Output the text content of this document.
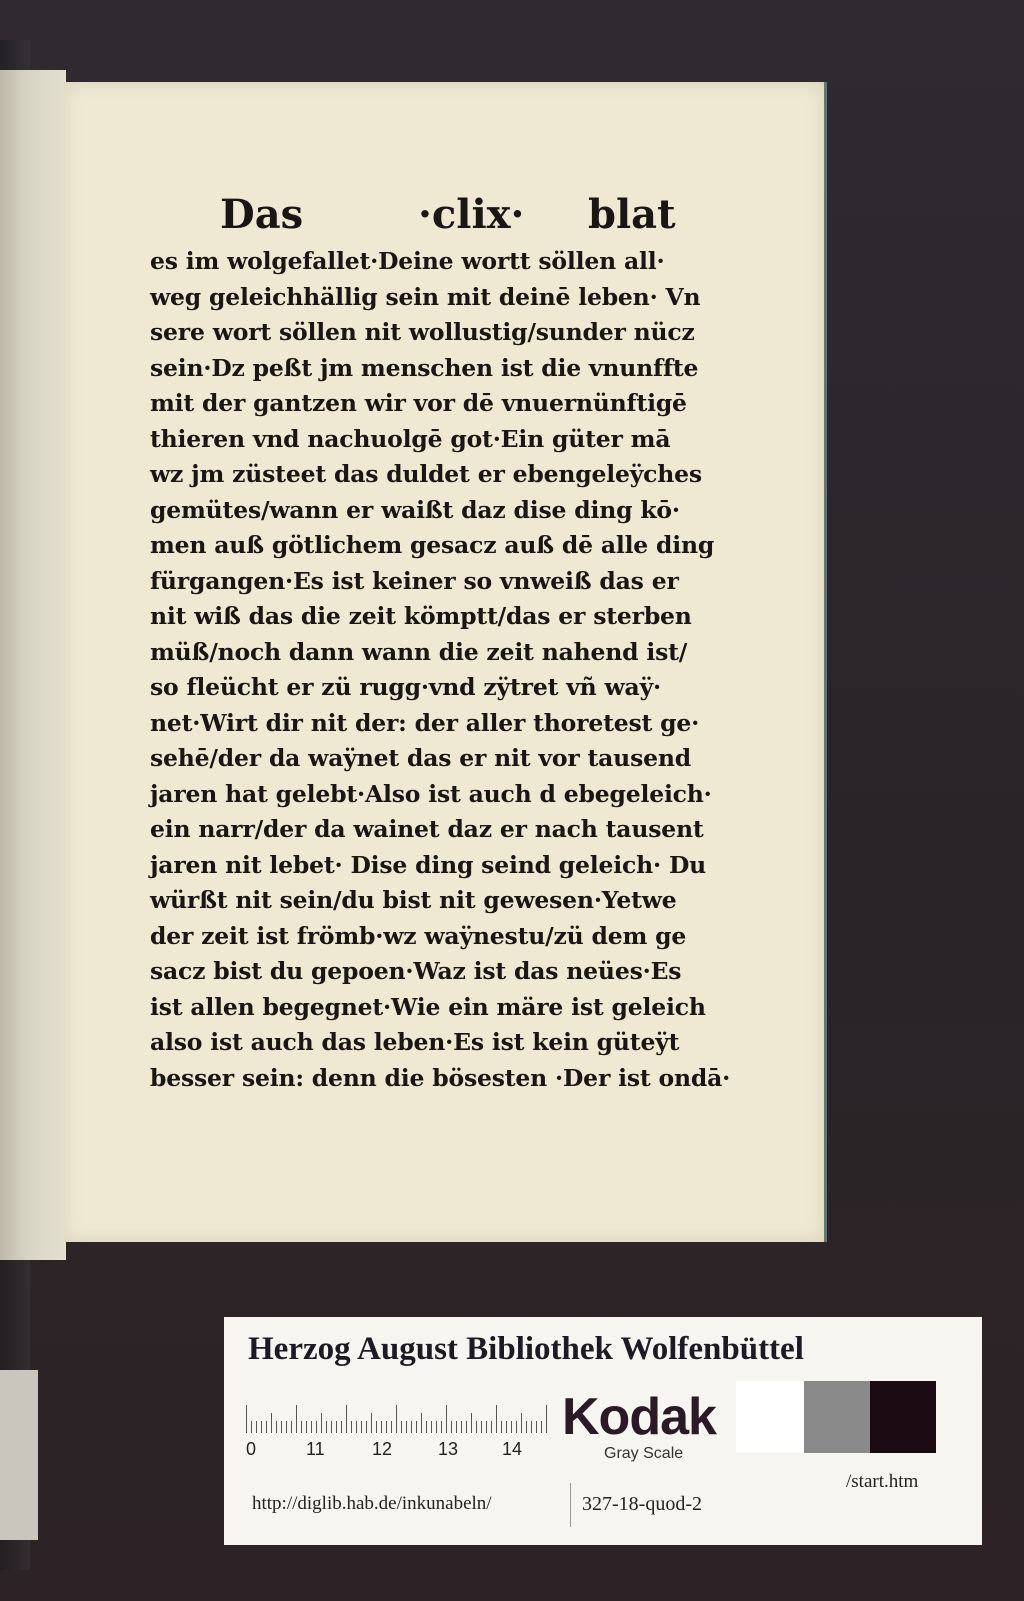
Das	·clix· blat
es im wolgefallet·Deine wortt söllen all·
weg geleichhällig sein mit deinē leben· Vn
sere wort söllen nit wollustig/sunder nücz
sein·Dz peßt jm menschen ist die vnunffte
mit der gantzen wir vor dē vnuernünftigē
thieren vnd nachuolgē got·Ein güter mā
wz jm züsteet das duldet er ebengeleÿches
gemütes/wann er waißt daz dise ding kō·
men auß götlichem gesacz auß dē alle ding
fürgangen·Es ist keiner so vnweiß das er
nit wiß das die zeit kömptt/das er sterben
müß/noch dann wann die zeit nahend ist/
so fleücht er zü rugg·vnd zÿtret vñ waÿ·
net·Wirt dir nit der: der aller thoretest ge·
sehē/der da waÿnet das er nit vor tausend
jaren hat gelebt·Also ist auch d ebegeleich·
ein narr/der da wainet daz er nach tausent
jaren nit lebet· Dise ding seind geleich· Du
würßt nit sein/du bist nit gewesen·Yetwe
der zeit ist frömb·wz waÿnestu/zü dem ge
sacz bist du gepoen·Waz ist das neües·Es
ist allen begegnet·Wie ein märe ist geleich
also ist auch das leben·Es ist kein güteÿt
besser sein: denn die bösesten ·Der ist ondā·
Herzog August Bibliothek Wolfenbüttel
0	11	12	13 14
Kodak
Gray Scale
http://diglib.hab.de/inkunabeln/	327-18-quod-2
/start.htm
